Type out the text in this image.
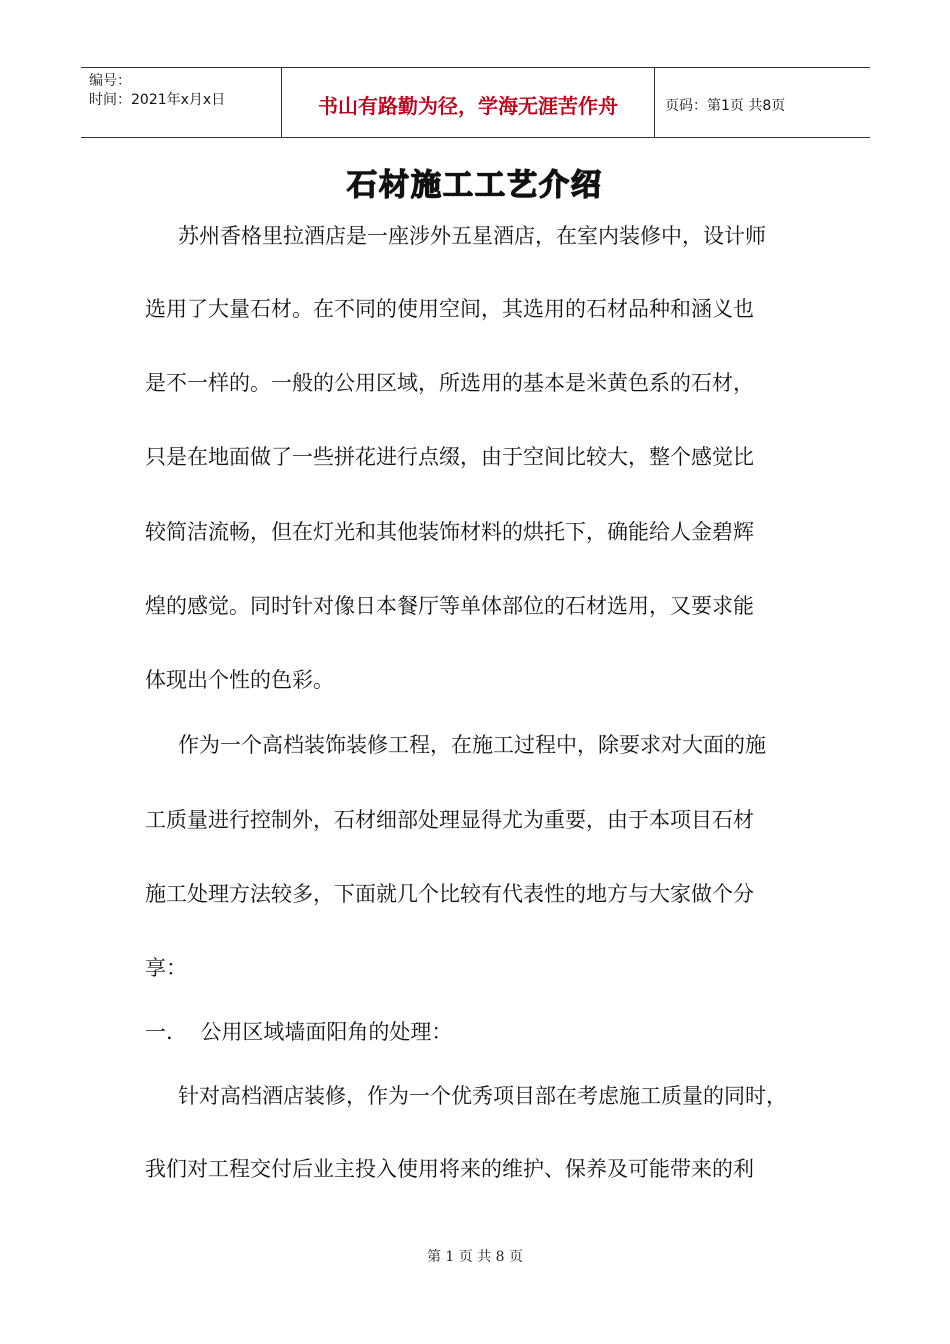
编号：
时间：2021年x月x日	书山有路勤为径，学海无涯苦作舟	页码：第1页 共8页
石材施工工艺介绍
苏州香格里拉酒店是一座涉外五星酒店，在室内装修中，设计师
选用了大量石材。在不同的使用空间，其选用的石材品种和涵义也
是不一样的。一般的公用区域，所选用的基本是米黄色系的石材，
只是在地面做了一些拼花进行点缀，由于空间比较大，整个感觉比
较简洁流畅，但在灯光和其他装饰材料的烘托下，确能给人金碧辉
煌的感觉。同时针对像日本餐厅等单体部位的石材选用，又要求能
体现出个性的色彩。
作为一个高档装饰装修工程，在施工过程中，除要求对大面的施
工质量进行控制外，石材细部处理显得尤为重要，由于本项目石材
施工处理方法较多，下面就几个比较有代表性的地方与大家做个分
享：
一.　 公用区域墙面阳角的处理：
针对高档酒店装修，作为一个优秀项目部在考虑施工质量的同时，
我们对工程交付后业主投入使用将来的维护、保养及可能带来的利
第 1 页 共 8 页
